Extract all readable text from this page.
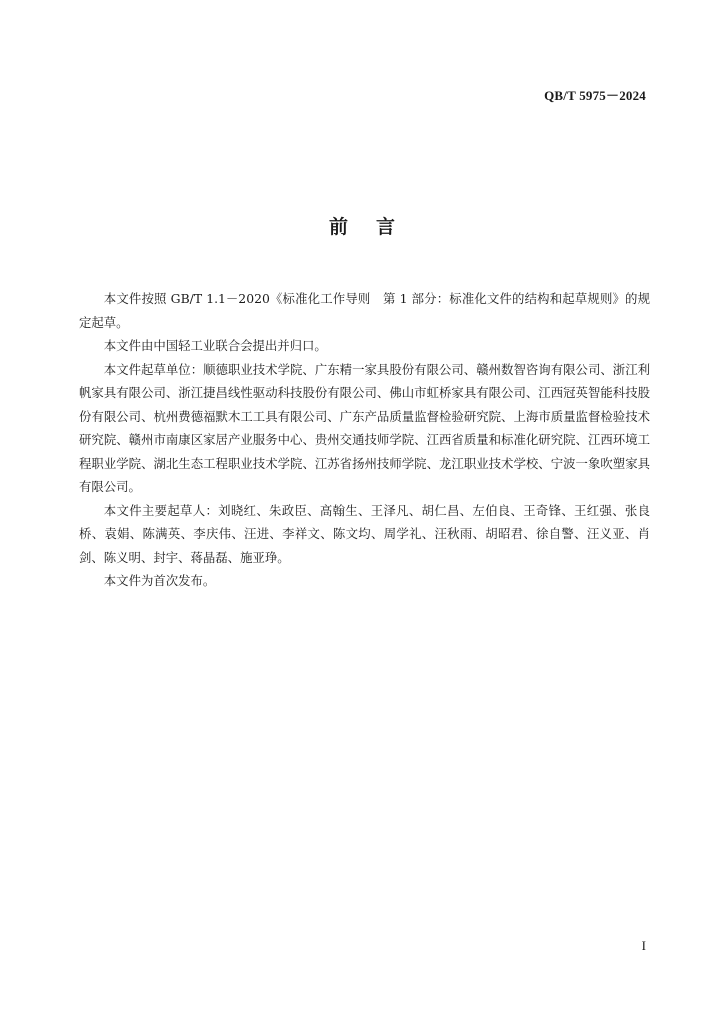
QB/T 5975－2024
前言

本文件按照 GB/T 1.1－2020《标准化工作导则　第 1 部分：标准化文件的结构和起草规则》的规定起草。

本文件由中国轻工业联合会提出并归口。

本文件起草单位：顺德职业技术学院、广东精一家具股份有限公司、赣州数智咨询有限公司、浙江利帆家具有限公司、浙江捷昌线性驱动科技股份有限公司、佛山市虹桥家具有限公司、江西冠英智能科技股份有限公司、杭州费德福默木工工具有限公司、广东产品质量监督检验研究院、上海市质量监督检验技术研究院、赣州市南康区家居产业服务中心、贵州交通技师学院、江西省质量和标准化研究院、江西环境工程职业学院、湖北生态工程职业技术学院、江苏省扬州技师学院、龙江职业技术学校、宁波一象吹塑家具有限公司。

本文件主要起草人：刘晓红、朱政臣、高翰生、王泽凡、胡仁昌、左伯良、王奇锋、王红强、张良桥、袁娟、陈满英、李庆伟、汪进、李祥文、陈文均、周学礼、汪秋雨、胡昭君、徐自警、汪义亚、肖剑、陈义明、封宇、蒋晶磊、施亚琤。

本文件为首次发布。

I
